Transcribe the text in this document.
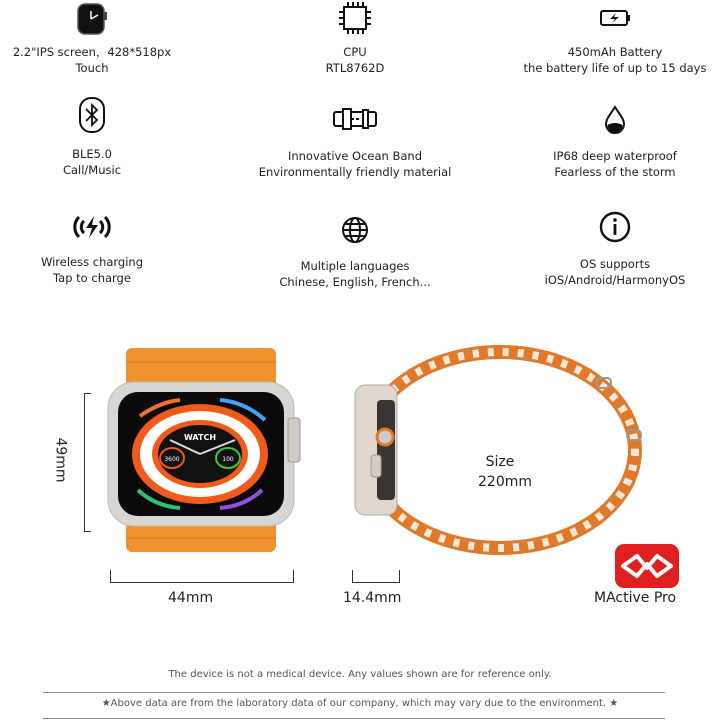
2.2"IPS screen，428*518px
Touch
CPU
RTL8762D
450mAh Battery
the battery life of up to 15 days
BLE5.0
Call/Music
Innovative Ocean Band
Environmentally friendly material
IP68 deep waterproof
Fearless of the storm
Wireless charging
Tap to charge
Multiple languages
Chinese, English, French...
OS supports
iOS/Android/HarmonyOS
WATCH
3600	100	Size
220mm
49mm
44mm	14.4mm	MActive Pro
The device is not a medical device. Any values shown are for reference only.
★Above data are from the laboratory data of our company, which may vary due to the environment. ★
